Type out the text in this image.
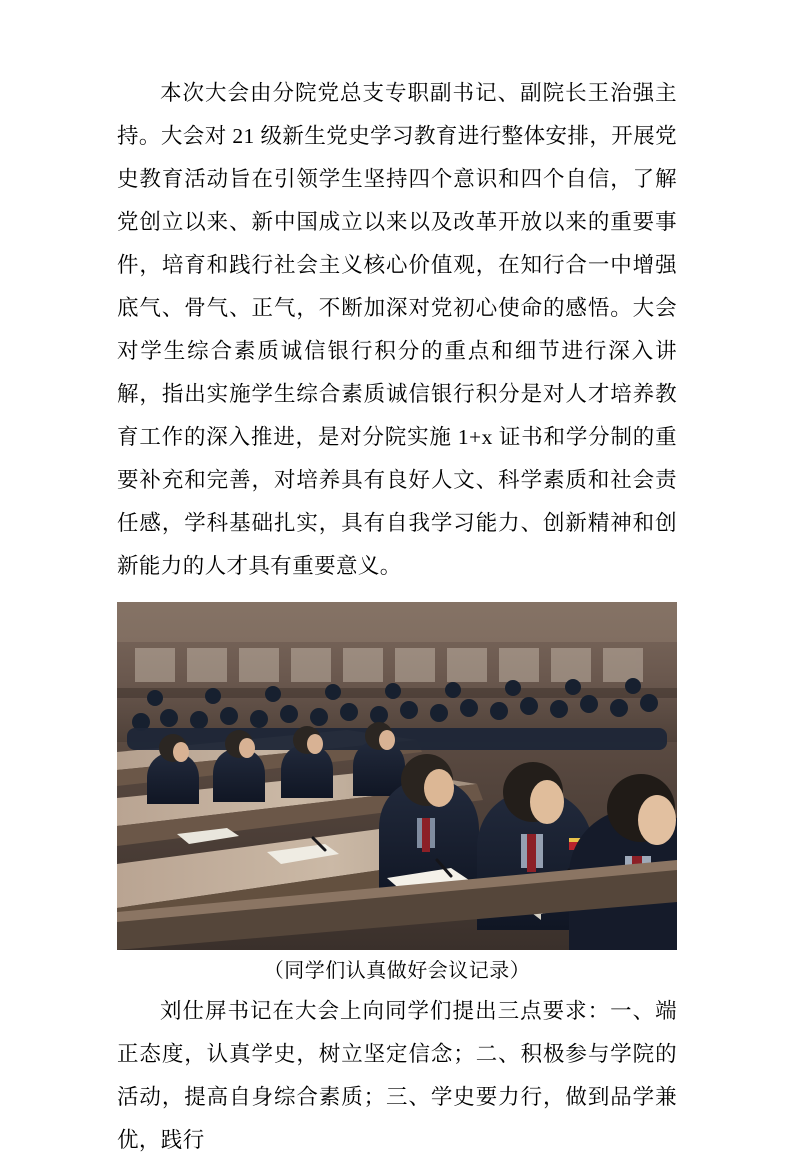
本次大会由分院党总支专职副书记、副院长王治强主持。大会对 21 级新生党史学习教育进行整体安排，开展党史教育活动旨在引领学生坚持四个意识和四个自信，了解党创立以来、新中国成立以来以及改革开放以来的重要事件，培育和践行社会主义核心价值观，在知行合一中增强底气、骨气、正气，不断加深对党初心使命的感悟。大会对学生综合素质诚信银行积分的重点和细节进行深入讲解，指出实施学生综合素质诚信银行积分是对人才培养教育工作的深入推进，是对分院实施 1+x 证书和学分制的重要补充和完善，对培养具有良好人文、科学素质和社会责任感，学科基础扎实，具有自我学习能力、创新精神和创新能力的人才具有重要意义。

（同学们认真做好会议记录）

刘仕屏书记在大会上向同学们提出三点要求：一、端正态度，认真学史，树立坚定信念；二、积极参与学院的活动，提高自身综合素质；三、学史要力行，做到品学兼优，践行
